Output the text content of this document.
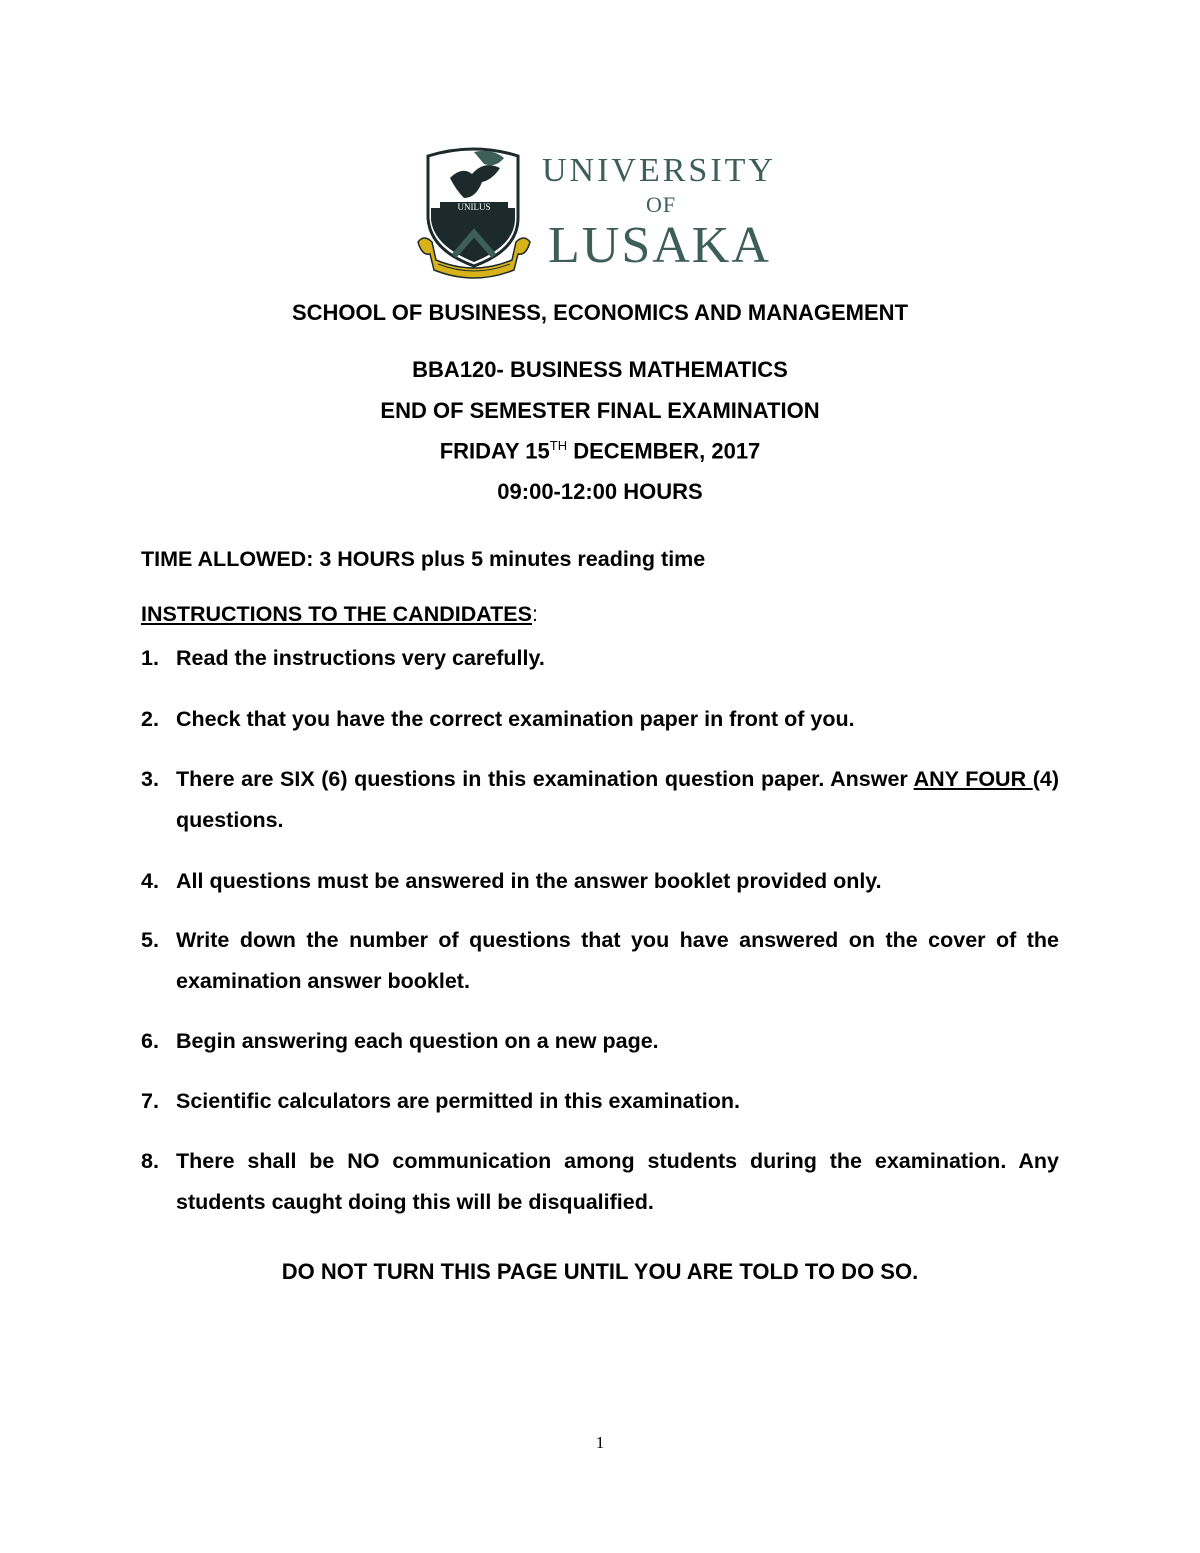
UNILUS
UNIVERSITY
OF
LUSAKA
SCHOOL OF BUSINESS, ECONOMICS AND MANAGEMENT
BBA120- BUSINESS MATHEMATICS
END OF SEMESTER FINAL EXAMINATION
FRIDAY 15TH DECEMBER, 2017
09:00-12:00 HOURS
TIME ALLOWED: 3 HOURS plus 5 minutes reading time
INSTRUCTIONS TO THE CANDIDATES:
1. Read the instructions very carefully.
2. Check that you have the correct examination paper in front of you.
3. There are SIX (6) questions in this examination question paper. Answer ANY FOUR (4) questions.
4. All questions must be answered in the answer booklet provided only.
5. Write down the number of questions that you have answered on the cover of the examination answer booklet.
6. Begin answering each question on a new page.
7. Scientific calculators are permitted in this examination.
8. There shall be NO communication among students during the examination. Any students caught doing this will be disqualified.
DO NOT TURN THIS PAGE UNTIL YOU ARE TOLD TO DO SO.
1
